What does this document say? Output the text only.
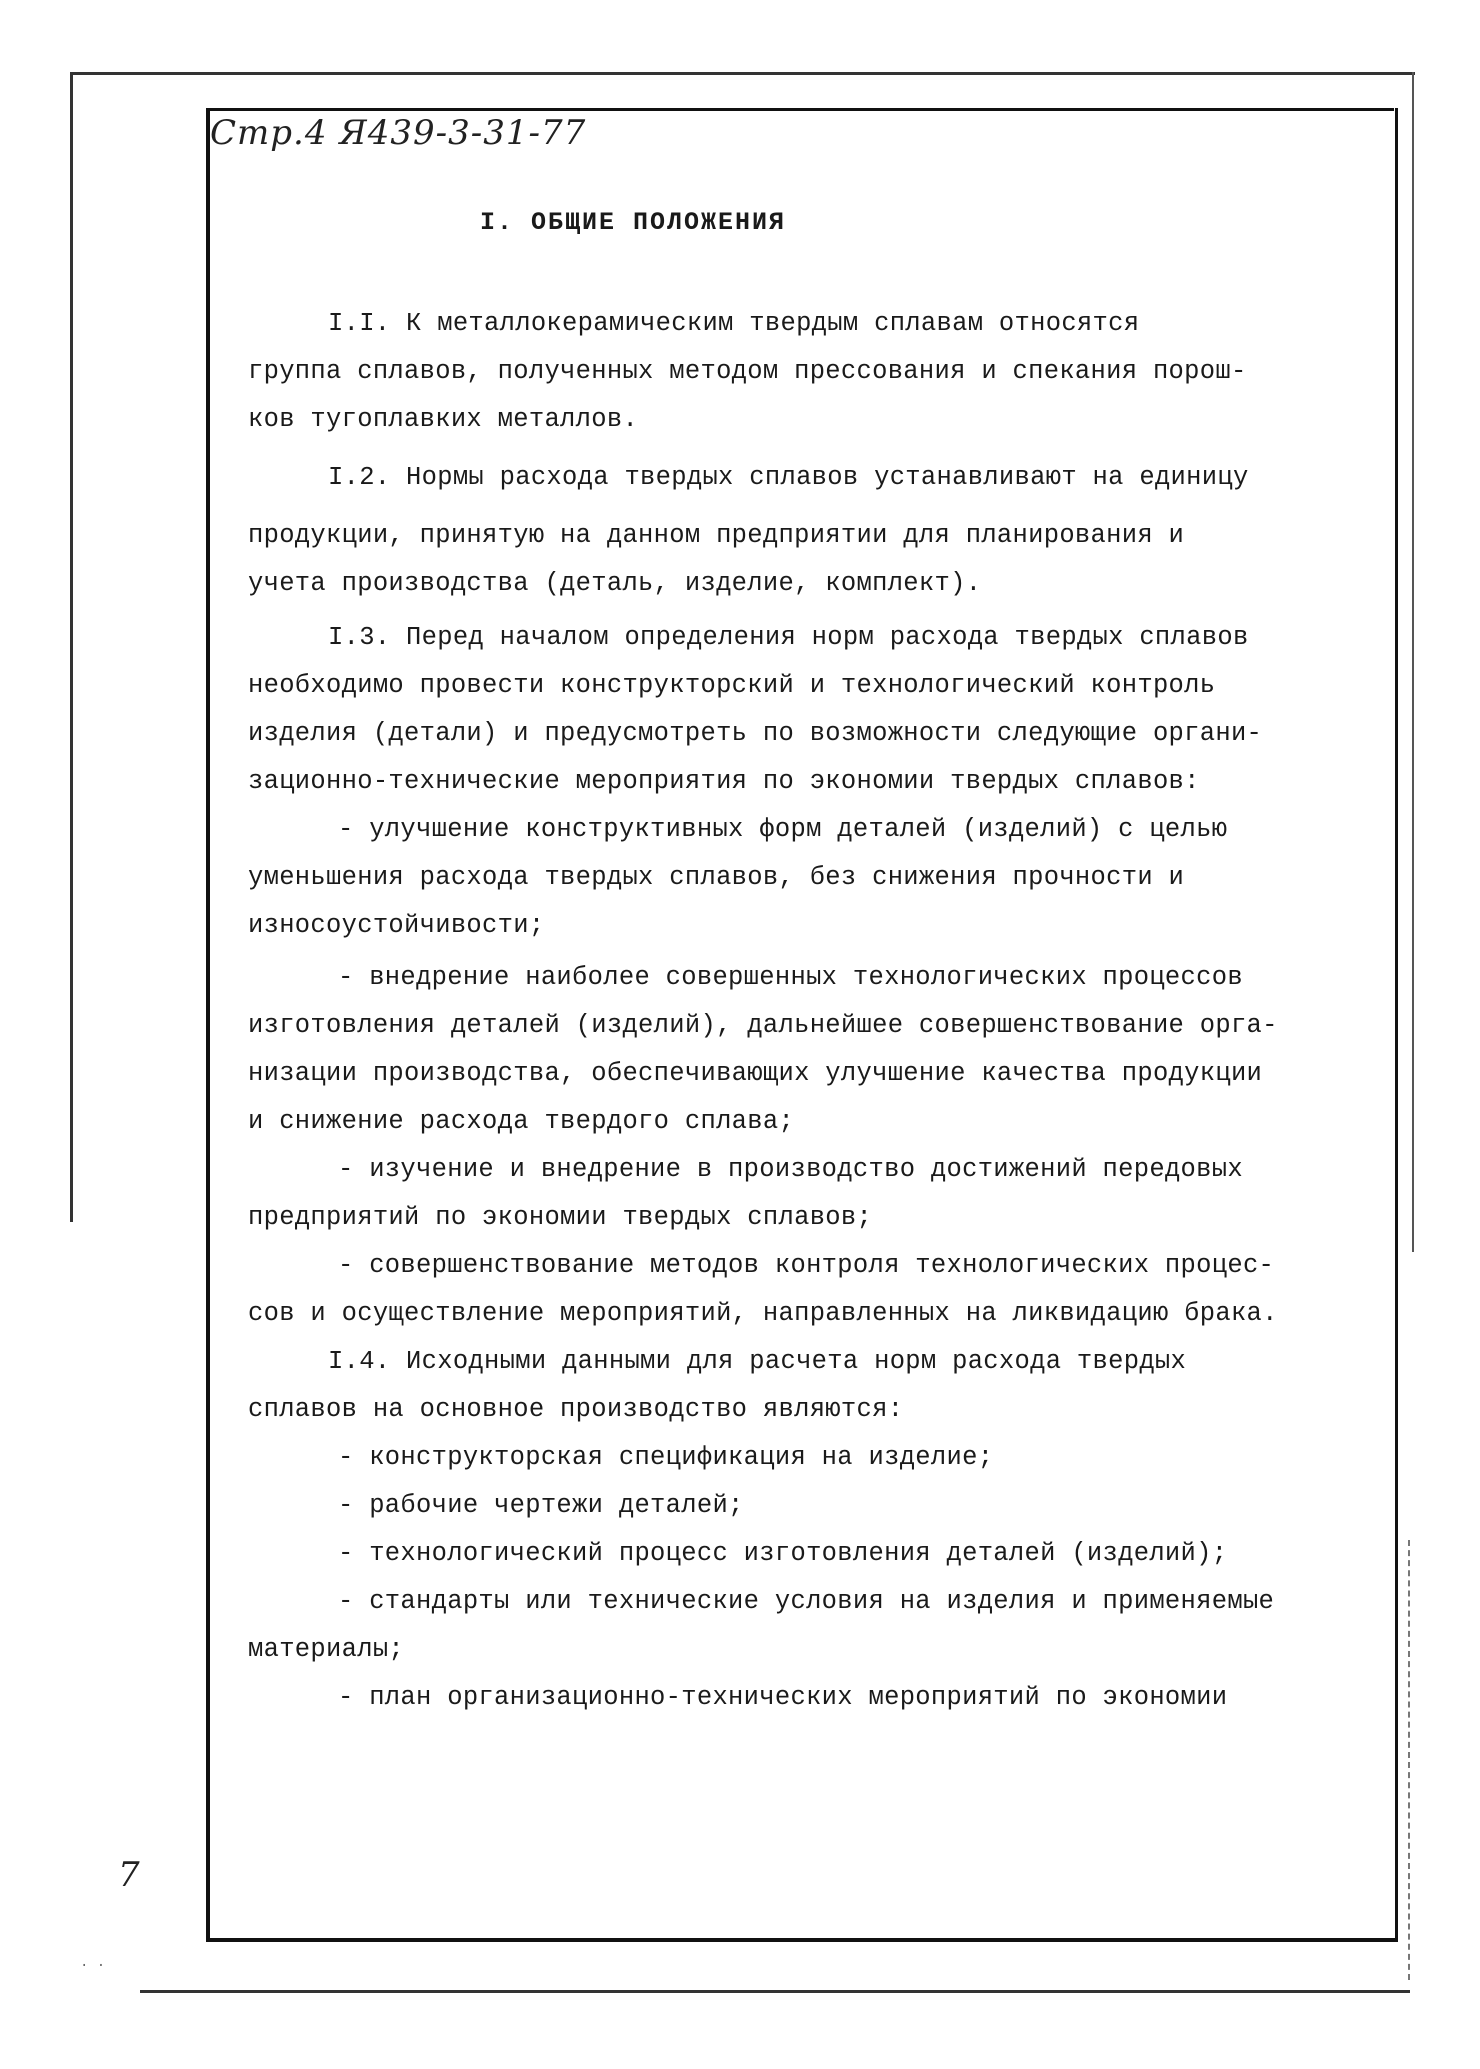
Стр.4 Я439-3-31-77
I. ОБЩИЕ ПОЛОЖЕНИЯ
I.I. К металлокерамическим твердым сплавам относятся
группа сплавов, полученных методом прессования и спекания порош-
ков тугоплавких металлов.
I.2. Нормы расхода твердых сплавов устанавливают на единицу
продукции, принятую на данном предприятии для планирования и
учета производства (деталь, изделие, комплект).
I.3. Перед началом определения норм расхода твердых сплавов
необходимо провести конструкторский и технологический контроль
изделия (детали) и предусмотреть по возможности следующие органи-
зационно-технические мероприятия по экономии твердых сплавов:
- улучшение конструктивных форм деталей (изделий) с целью
уменьшения расхода твердых сплавов, без снижения прочности и
износоустойчивости;
- внедрение наиболее совершенных технологических процессов
изготовления деталей (изделий), дальнейшее совершенствование орга-
низации производства, обеспечивающих улучшение качества продукции
и снижение расхода твердого сплава;
- изучение и внедрение в производство достижений передовых
предприятий по экономии твердых сплавов;
- совершенствование методов контроля технологических процес-
сов и осуществление мероприятий, направленных на ликвидацию брака.
I.4. Исходными данными для расчета норм расхода твердых
сплавов на основное производство являются:
- конструкторская спецификация на изделие;
- рабочие чертежи деталей;
- технологический процесс изготовления деталей (изделий);
- стандарты или технические условия на изделия и применяемые
материалы;
- план организационно-технических мероприятий по экономии
7
. .
